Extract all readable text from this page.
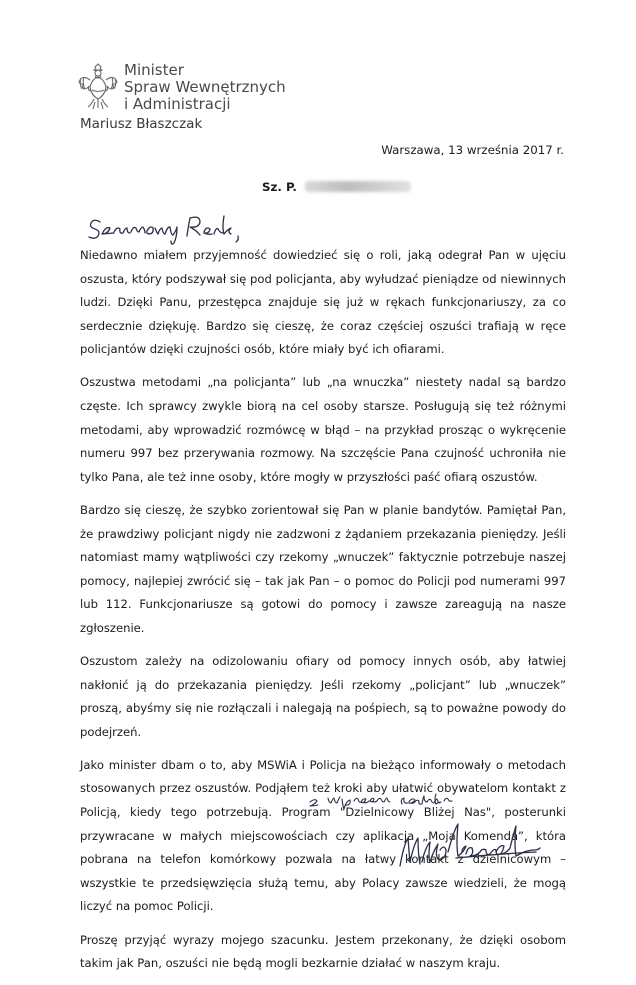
Minister
Spraw Wewnętrznych
i Administracji
Mariusz Błaszczak
Warszawa, 13 września 2017 r.
Sz. P.

Niedawno miałem przyjemność dowiedzieć się o roli, jaką odegrał Pan w ujęciu oszusta, który podszywał się pod policjanta, aby wyłudzać pieniądze od niewinnych ludzi. Dzięki Panu, przestępca znajduje się już w rękach funkcjonariuszy, za co serdecznie dziękuję. Bardzo się cieszę, że coraz częściej oszuści trafiają w ręce policjantów dzięki czujności osób, które miały być ich ofiarami.

Oszustwa metodami „na policjanta” lub „na wnuczka” niestety nadal są bardzo częste. Ich sprawcy zwykle biorą na cel osoby starsze. Posługują się też różnymi metodami, aby wprowadzić rozmówcę w błąd – na przykład prosząc o wykręcenie numeru 997 bez przerywania rozmowy. Na szczęście Pana czujność uchroniła nie tylko Pana, ale też inne osoby, które mogły w przyszłości paść ofiarą oszustów.

Bardzo się cieszę, że szybko zorientował się Pan w planie bandytów. Pamiętał Pan, że prawdziwy policjant nigdy nie zadzwoni z żądaniem przekazania pieniędzy. Jeśli natomiast mamy wątpliwości czy rzekomy „wnuczek” faktycznie potrzebuje naszej pomocy, najlepiej zwrócić się – tak jak Pan – o pomoc do Policji pod numerami 997 lub 112. Funkcjonariusze są gotowi do pomocy i zawsze zareagują na nasze zgłoszenie.

Oszustom zależy na odizolowaniu ofiary od pomocy innych osób, aby łatwiej nakłonić ją do przekazania pieniędzy. Jeśli rzekomy „policjant” lub „wnuczek” proszą, abyśmy się nie rozłączali i nalegają na pośpiech, są to poważne powody do podejrzeń.

Jako minister dbam o to, aby MSWiA i Policja na bieżąco informowały o metodach stosowanych przez oszustów. Podjąłem też kroki aby ułatwić obywatelom kontakt z Policją, kiedy tego potrzebują. Program "Dzielnicowy Bliżej Nas", posterunki przywracane w małych miejscowościach czy aplikacja „Moja Komenda”, która pobrana na telefon komórkowy pozwala na łatwy kontakt z dzielnicowym – wszystkie te przedsięwzięcia służą temu, aby Polacy zawsze wiedzieli, że mogą liczyć na pomoc Policji.

Proszę przyjąć wyrazy mojego szacunku. Jestem przekonany, że dzięki osobom takim jak Pan, oszuści nie będą mogli bezkarnie działać w naszym kraju.
